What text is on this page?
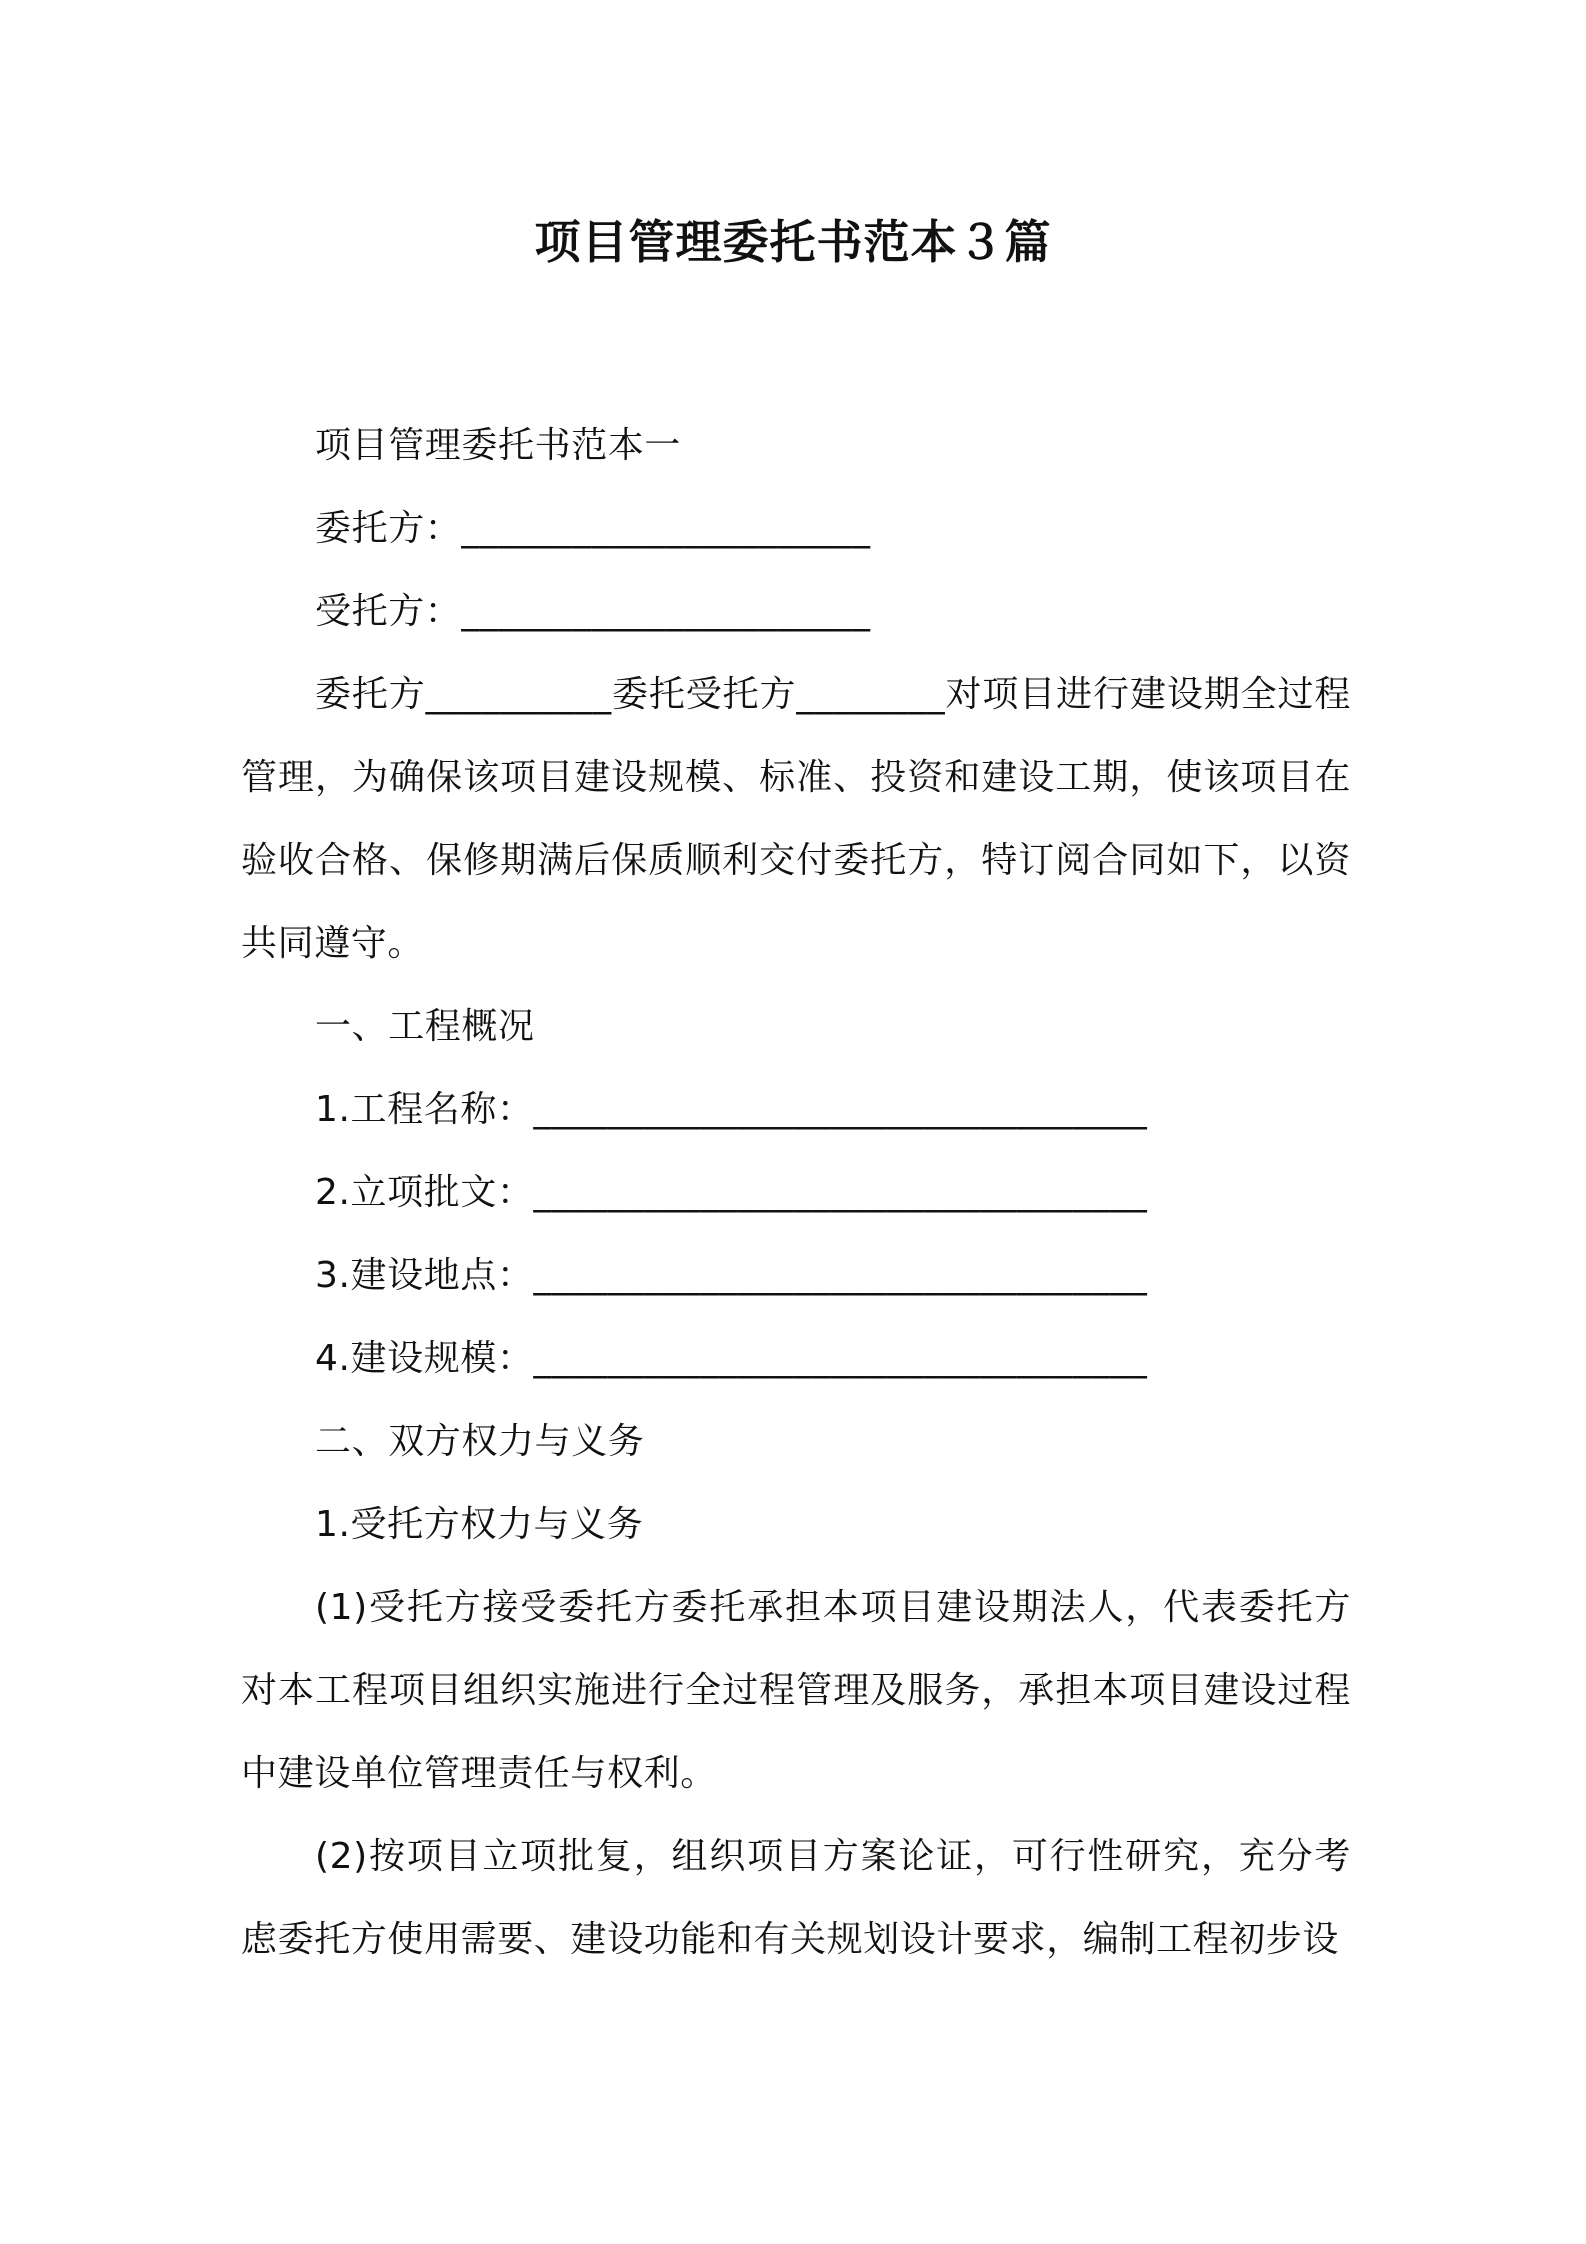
项目管理委托书范本３篇

项目管理委托书范本一

委托方：______________________

受托方：______________________

委托方__________委托受托方________对项目进行建设期全过程管理，为确保该项目建设规模、标准、投资和建设工期，使该项目在验收合格、保修期满后保质顺利交付委托方，特订阅合同如下，以资共同遵守。

一、工程概况

1.工程名称：_________________________________

2.立项批文：_________________________________

3.建设地点：_________________________________

4.建设规模：_________________________________

二、双方权力与义务

1.受托方权力与义务

(1)受托方接受委托方委托承担本项目建设期法人，代表委托方对本工程项目组织实施进行全过程管理及服务，承担本项目建设过程中建设单位管理责任与权利。

(2)按项目立项批复，组织项目方案论证，可行性研究，充分考虑委托方使用需要、建设功能和有关规划设计要求，编制工程初步设
